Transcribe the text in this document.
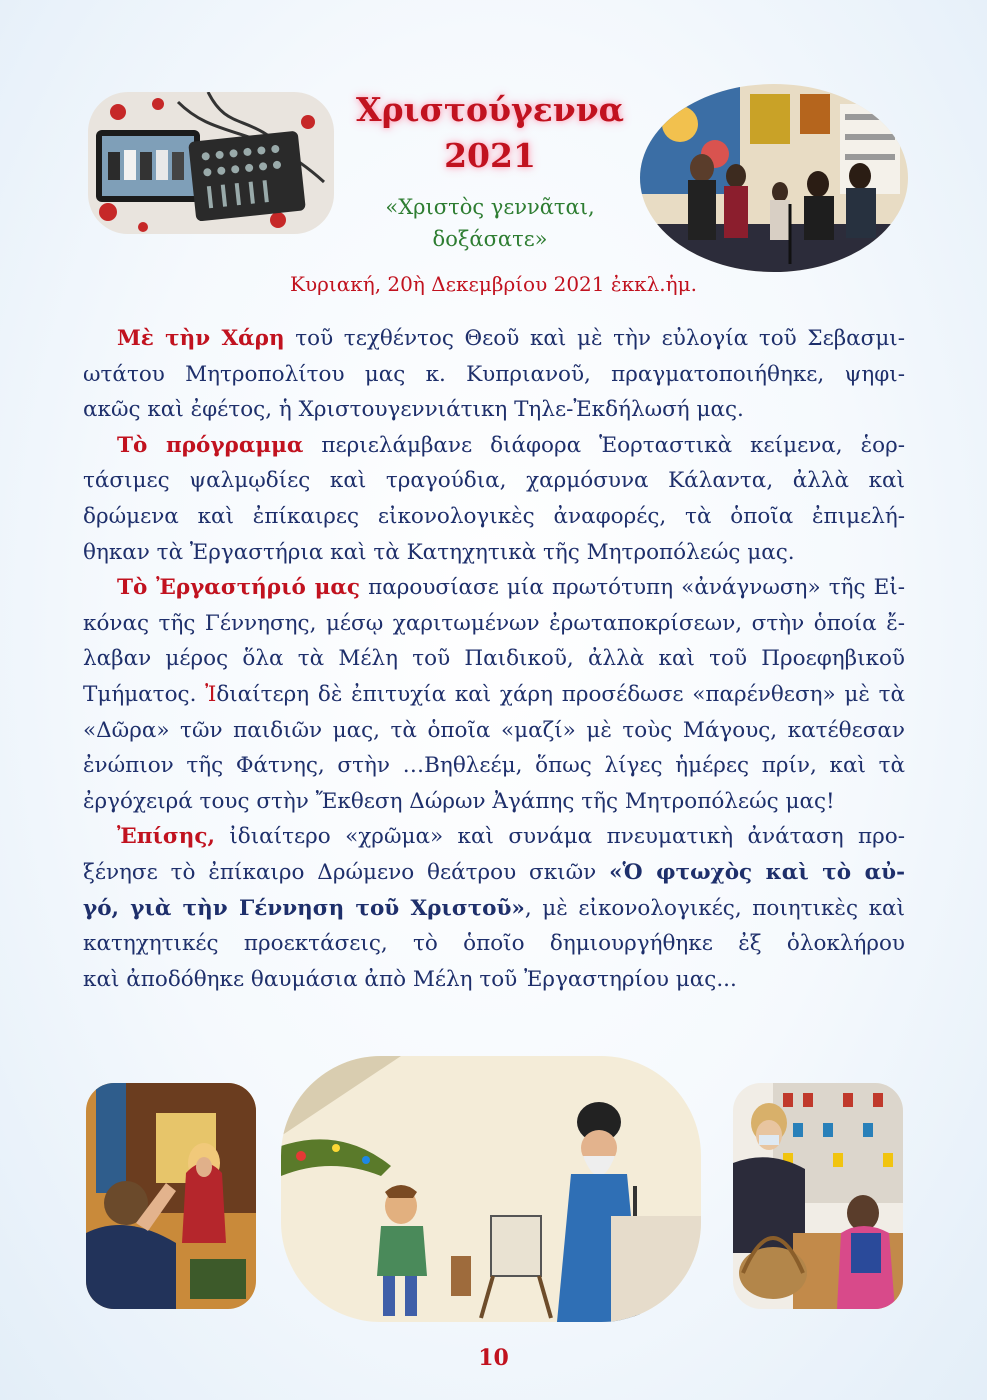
Χριστούγεννα
2021
«Χριστὸς γεννᾶται,
δοξάσατε»
Κυριακή, 20ὴ Δεκεμβρίου 2021 ἐκκλ.ἡμ.
Μὲ τὴν Χάρη τοῦ τεχθέντος Θεοῦ καὶ μὲ τὴν εὐλογία τοῦ Σεβασμι-
ωτάτου Μητροπολίτου μας κ. Κυπριανοῦ, πραγματοποιήθηκε, ψηφι-
ακῶς καὶ ἐφέτος, ἡ Χριστουγεννιάτικη Τηλε-Ἐκδήλωσή μας.
Τὸ πρόγραμμα περιελάμβανε διάφορα Ἑορταστικὰ κείμενα, ἑορ-
τάσιμες ψαλμῳδίες καὶ τραγούδια, χαρμόσυνα Κάλαντα, ἀλλὰ καὶ
δρώμενα καὶ ἐπίκαιρες εἰκονολογικὲς ἀναφορές, τὰ ὁποῖα ἐπιμελή-
θηκαν τὰ Ἐργαστήρια καὶ τὰ Κατηχητικὰ τῆς Μητροπόλεώς μας.
Τὸ Ἐργαστήριό μας παρουσίασε μία πρωτότυπη «ἀνάγνωση» τῆς Εἰ-
κόνας τῆς Γέννησης, μέσῳ χαριτωμένων ἐρωταποκρίσεων, στὴν ὁποία ἔ-
λαβαν μέρος ὅλα τὰ Μέλη τοῦ Παιδικοῦ, ἀλλὰ καὶ τοῦ Προεφηβικοῦ
Τμήματος. Ἰδιαίτερη δὲ ἐπιτυχία καὶ χάρη προσέδωσε «παρένθεση» μὲ τὰ
«Δῶρα» τῶν παιδιῶν μας, τὰ ὁποῖα «μαζί» μὲ τοὺς Μάγους, κατέθεσαν
ἐνώπιον τῆς Φάτνης, στὴν …Βηθλεέμ, ὅπως λίγες ἡμέρες πρίν, καὶ τὰ
ἐργόχειρά τους στὴν Ἔκθεση Δώρων Ἀγάπης τῆς Μητροπόλεώς μας!
Ἐπίσης, ἰδιαίτερο «χρῶμα» καὶ συνάμα πνευματικὴ ἀνάταση προ-
ξένησε τὸ ἐπίκαιρο Δρώμενο θεάτρου σκιῶν «Ὁ φτωχὸς καὶ τὸ αὐ-
γό, γιὰ τὴν Γέννηση τοῦ Χριστοῦ», μὲ εἰκονολογικές, ποιητικὲς καὶ
κατηχητικές προεκτάσεις, τὸ ὁποῖο δημιουργήθηκε ἐξ ὁλοκλήρου
καὶ ἀποδόθηκε θαυμάσια ἀπὸ Μέλη τοῦ Ἐργαστηρίου μας...
10
